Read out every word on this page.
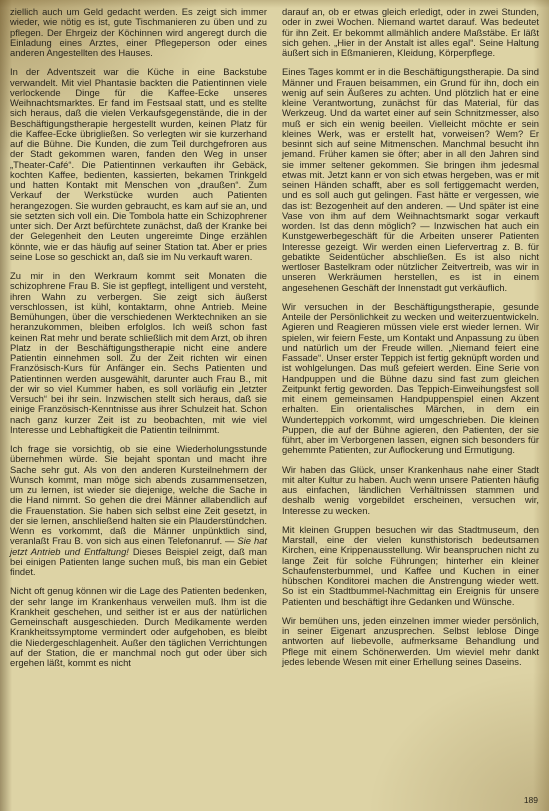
ziellich auch um Geld gedacht werden. Es zeigt sich immer wieder, wie nötig es ist, gute Tischmanieren zu üben und zu pflegen. Der Ehrgeiz der Köchinnen wird angeregt durch die Einladung eines Arztes, einer Pflegeperson oder eines anderen Angestellten des Hauses.

In der Adventszeit war die Küche in eine Backstube verwandelt. Mit viel Phantasie backten die Patientinnen viele verlockende Dinge für die Kaffee-Ecke unseres Weihnachtsmarktes. Er fand im Festsaal statt, und es stellte sich heraus, daß die vielen Verkaufsgegenstände, die in der Beschäftigungstherapie hergestellt wurden, keinen Platz für die Kaffee-Ecke übrigließen. So verlegten wir sie kurzerhand auf die Bühne. Die Kunden, die zum Teil durchgefroren aus der Stadt gekommen waren, fanden den Weg in unser „Theater-Café“. Die Patientinnen verkauften ihr Gebäck, kochten Kaffee, bedienten, kassierten, bekamen Trinkgeld und hatten Kontakt mit Menschen von „draußen“. Zum Verkauf der Werkstücke wurden auch Patienten herangezogen. Sie wurden gebraucht, es kam auf sie an, und sie setzten sich voll ein. Die Tombola hatte ein Schizophrener unter sich. Der Arzt befürchtete zunächst, daß der Kranke bei der Gelegenheit den Leuten ungereimte Dinge erzählen könnte, wie er das häufig auf seiner Station tat. Aber er pries seine Lose so geschickt an, daß sie im Nu verkauft waren.

Zu mir in den Werkraum kommt seit Monaten die schizophrene Frau B. Sie ist gepflegt, intelligent und versteht, ihren Wahn zu verbergen. Sie zeigt sich äußerst verschlossen, ist kühl, kontaktarm, ohne Antrieb. Meine Bemühungen, über die verschiedenen Werktechniken an sie heranzukommen, bleiben erfolglos. Ich weiß schon fast keinen Rat mehr und berate schließlich mit dem Arzt, ob ihren Platz in der Beschäftigungstherapie nicht eine andere Patientin einnehmen soll. Zu der Zeit richten wir einen Französisch-Kurs für Anfänger ein. Sechs Patienten und Patientinnen werden ausgewählt, darunter auch Frau B., mit der wir so viel Kummer haben, es soll vorläufig ein „letzter Versuch“ bei ihr sein. Inzwischen stellt sich heraus, daß sie einige Französisch-Kenntnisse aus ihrer Schulzeit hat. Schon nach ganz kurzer Zeit ist zu beobachten, mit wie viel Interesse und Lebhaftigkeit die Patientin teilnimmt.

Ich frage sie vorsichtig, ob sie eine Wiederholungsstunde übernehmen würde. Sie bejaht spontan und macht ihre Sache sehr gut. Als von den anderen Kursteilnehmern der Wunsch kommt, man möge sich abends zusammensetzen, um zu lernen, ist wieder sie diejenige, welche die Sache in die Hand nimmt. So gehen die drei Männer allabendlich auf die Frauenstation. Sie haben sich selbst eine Zeit gesetzt, in der sie lernen, anschließend halten sie ein Plauderstündchen. Wenn es vorkommt, daß die Männer unpünktlich sind, veranlaßt Frau B. von sich aus einen Telefonanruf. — Sie hat jetzt Antrieb und Entfaltung! Dieses Beispiel zeigt, daß man bei einigen Patienten lange suchen muß, bis man ein Gebiet findet.

Nicht oft genug können wir die Lage des Patienten bedenken, der sehr lange im Krankenhaus verweilen muß. Ihm ist die Krankheit geschehen, und seither ist er aus der natürlichen Gemeinschaft ausgeschieden. Durch Medikamente werden Krankheitssymptome vermindert oder aufgehoben, es bleibt die Niedergeschlagenheit. Außer den täglichen Verrichtungen auf der Station, die er manchmal noch gut oder über sich ergehen läßt, kommt es nicht

darauf an, ob er etwas gleich erledigt, oder in zwei Stunden, oder in zwei Wochen. Niemand wartet darauf. Was bedeutet für ihn Zeit. Er bekommt allmählich andere Maßstäbe. Er läßt sich gehen. „Hier in der Anstalt ist alles egal“. Seine Haltung äußert sich in Eßmanieren, Kleidung, Körperpflege.

Eines Tages kommt er in die Beschäftigungstherapie. Da sind Männer und Frauen beisammen, ein Grund für ihn, doch ein wenig auf sein Äußeres zu achten. Und plötzlich hat er eine kleine Verantwortung, zunächst für das Material, für das Werkzeug. Und da wartet einer auf sein Schnitzmesser, also muß er sich ein wenig beeilen. Vielleicht möchte er sein kleines Werk, was er erstellt hat, vorweisen? Wem? Er besinnt sich auf seine Mitmenschen. Manchmal besucht ihn jemand. Früher kamen sie öfter; aber in all den Jahren sind sie immer seltener gekommen. Sie bringen ihm jedesmal etwas mit. Jetzt kann er von sich etwas hergeben, was er mit seinen Händen schafft, aber es soll fertiggemacht werden, und es soll auch gut gelingen. Fast hätte er vergessen, wie das ist: Bezogenheit auf den anderen. — Und später ist eine Vase von ihm auf dem Weihnachtsmarkt sogar verkauft worden. Ist das denn möglich? — Inzwischen hat auch ein Kunstgewerbegeschäft für die Arbeiten unserer Patienten Interesse gezeigt. Wir werden einen Liefervertrag z. B. für gebatikte Seidentücher abschließen. Es ist also nicht wertloser Bastelkram oder nützlicher Zeitvertreib, was wir in unseren Werkräumen herstellen, es ist in einem angesehenen Geschäft der Innenstadt gut verkäuflich.

Wir versuchen in der Beschäftigungstherapie, gesunde Anteile der Persönlichkeit zu wecken und weiterzuentwickeln. Agieren und Reagieren müssen viele erst wieder lernen. Wir spielen, wir feiern Feste, um Kontakt und Anpassung zu üben und natürlich um der Freude willen. „Niemand feiert eine Fassade“. Unser erster Teppich ist fertig geknüpft worden und ist wohlgelungen. Das muß gefeiert werden. Eine Serie von Handpuppen und die Bühne dazu sind fast zum gleichen Zeitpunkt fertig geworden. Das Teppich-Einweihungsfest soll mit einem gemeinsamen Handpuppenspiel einen Akzent erhalten. Ein orientalisches Märchen, in dem ein Wunderteppich vorkommt, wird umgeschrieben. Die kleinen Puppen, die auf der Bühne agieren, den Patienten, der sie führt, aber im Verborgenen lassen, eignen sich besonders für gehemmte Patienten, zur Auflockerung und Ermutigung.

Wir haben das Glück, unser Krankenhaus nahe einer Stadt mit alter Kultur zu haben. Auch wenn unsere Patienten häufig aus einfachen, ländlichen Verhältnissen stammen und deshalb wenig vorgebildet erscheinen, versuchen wir, Interesse zu wecken.

Mit kleinen Gruppen besuchen wir das Stadtmuseum, den Marstall, eine der vielen kunsthistorisch bedeutsamen Kirchen, eine Krippenausstellung. Wir beanspruchen nicht zu lange Zeit für solche Führungen; hinterher ein kleiner Schaufensterbummel, und Kaffee und Kuchen in einer hübschen Konditorei machen die Anstrengung wieder wett. So ist ein Stadtbummel-Nachmittag ein Ereignis für unsere Patienten und beschäftigt ihre Gedanken und Wünsche.

Wir bemühen uns, jeden einzelnen immer wieder persönlich, in seiner Eigenart anzusprechen. Selbst leblose Dinge antworten auf liebevolle, aufmerksame Behandlung und Pflege mit einem Schönerwerden. Um wieviel mehr dankt jedes lebende Wesen mit einer Erhellung seines Daseins.

189
